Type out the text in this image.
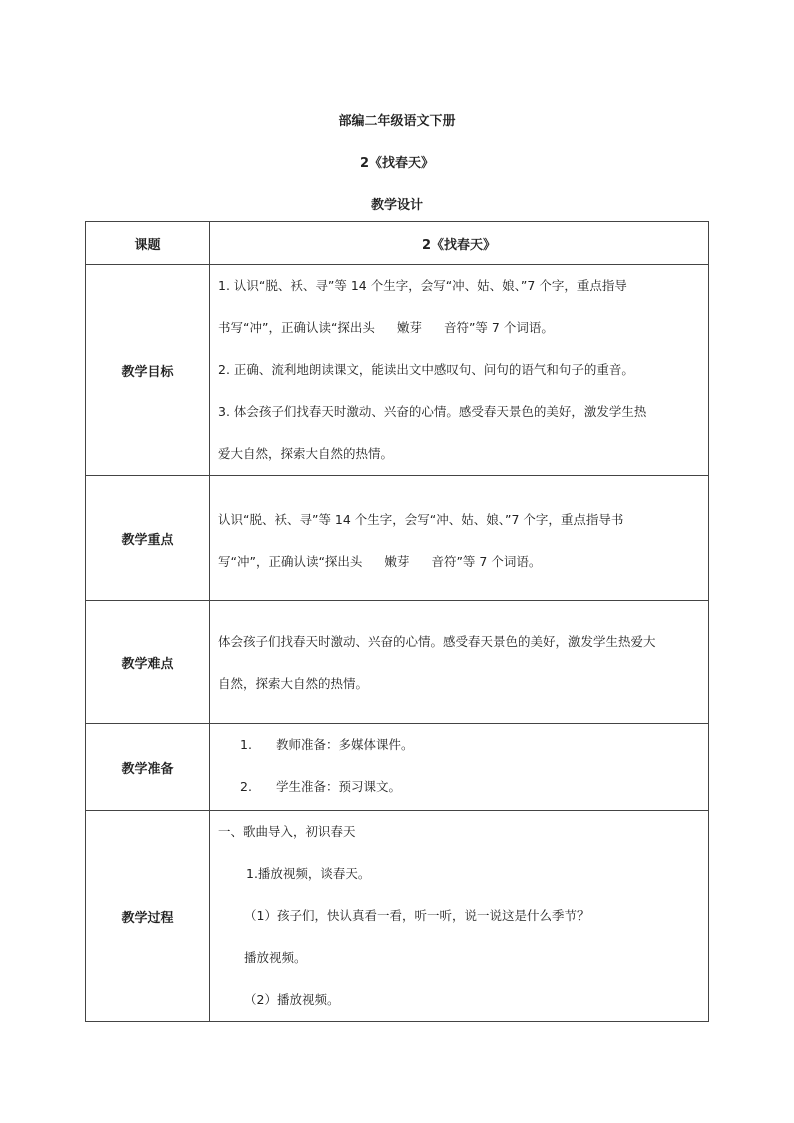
部编二年级语文下册
2《找春天》
教学设计
课题	2《找春天》
教学目标	1. 认识“脱、袄、寻”等 14 个生字，会写“冲、姑、娘、”7 个字，重点指导

书写“冲”，正确认读“探出头 嫩芽 音符”等 7 个词语。

2. 正确、流利地朗读课文，能读出文中感叹句、问句的语气和句子的重音。

3. 体会孩子们找春天时激动、兴奋的心情。感受春天景色的美好，激发学生热

爱大自然，探索大自然的热情。

教学重点	认识“脱、袄、寻”等 14 个生字，会写“冲、姑、娘、”7 个字，重点指导书

写“冲”，正确认读“探出头 嫩芽 音符”等 7 个词语。

教学难点	体会孩子们找春天时激动、兴奋的心情。感受春天景色的美好，激发学生热爱大

自然，探索大自然的热情。

教学准备	1. 教师准备：多媒体课件。

2. 学生准备：预习课文。

教学过程	一、歌曲导入，初识春天

1.播放视频，谈春天。

（1）孩子们，快认真看一看，听一听，说一说这是什么季节？

播放视频。

（2）播放视频。
